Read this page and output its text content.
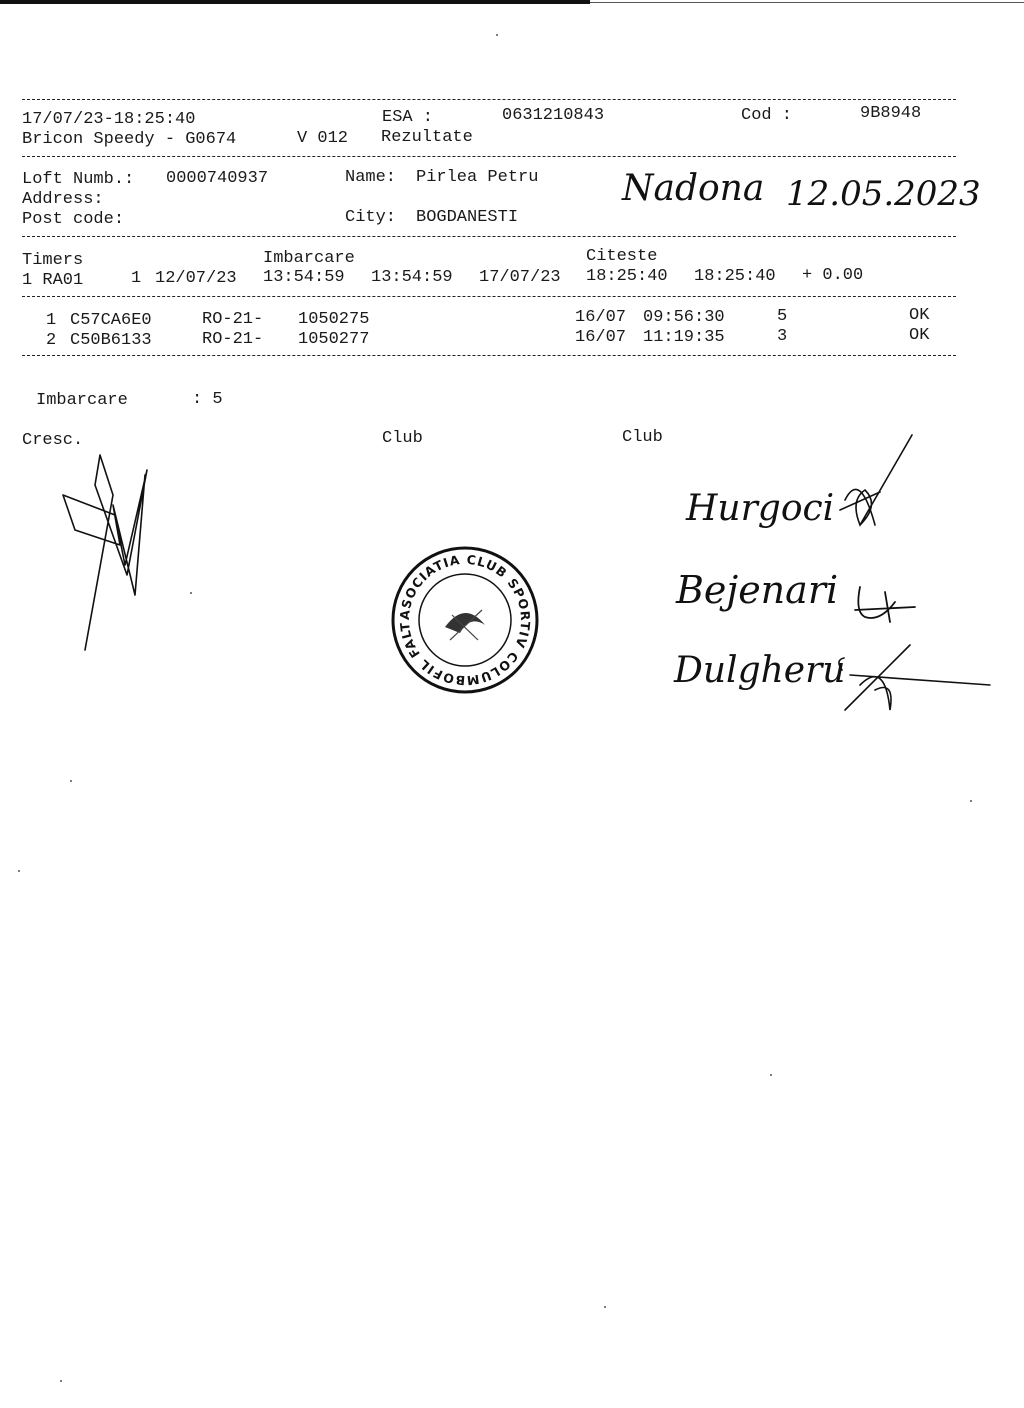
17/07/23-18:25:40	ESA :	0631210843	Cod :	9B8948
Bricon Speedy - G0674	V 012 Rezultate
Loft Numb.: 0000740937	Name: Pirlea Petru
Address:
Post code:	City: BOGDANESTI
Nadona 12.05.2023
Timers	Imbarcare	Citeste
1 RA01	1 12/07/23 13:54:59 13:54:59 17/07/23 18:25:40 18:25:40 + 0.00
1 C57CA6E0	RO-21- 1050275	16/07 09:56:30	5	OK
2 C50B6133	RO-21- 1050277	16/07 11:19:35	3	OK
Imbarcare	: 5
Cresc.	Club	Club
ASOCIATIA CLUB SPORTIV COLUMBOFIL FALTICENI
Hurgoci
Bejenari
Dulgheru
